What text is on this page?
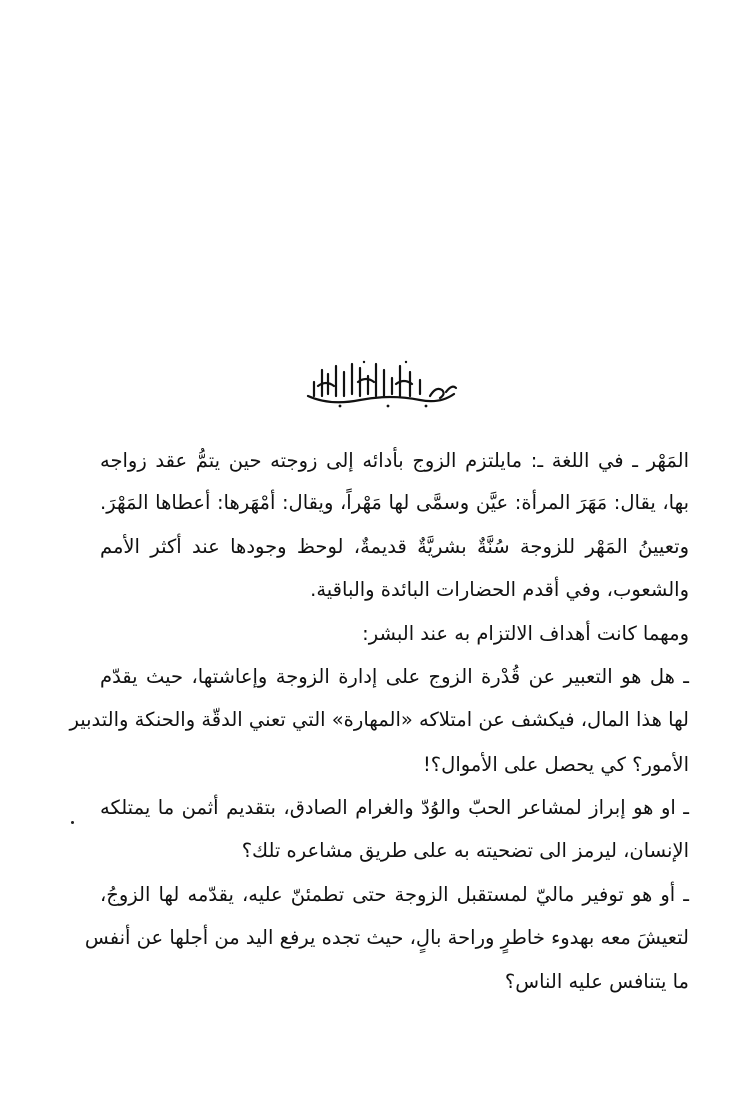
المَهْر ـ في اللغة ـ: مايلتزم الزوج بأدائه إلى زوجته حين يتمُّ عقد زواجه
بها، يقال: مَهَرَ المرأة: عيَّن وسمَّى لها مَهْراً، ويقال: أمْهَرها: أعطاها المَهْرَ.
وتعيينُ المَهْر للزوجة سُنَّةٌ بشريَّةٌ قديمةٌ، لوحظ وجودها عند أكثر الأمم
والشعوب، وفي أقدم الحضارات البائدة والباقية.
ومهما كانت أهداف الالتزام به عند البشر:
ـ هل هو التعبير عن قُدْرة الزوج على إدارة الزوجة وإعاشتها، حيث يقدّم
لها هذا المال، فيكشف عن امتلاكه «المهارة» التي تعني الدقّة والحنكة والتدبير
الأمور؟ كي يحصل على الأموال؟!
ـ او هو إبراز لمشاعر الحبّ والوُدّ والغرام الصادق، بتقديم أثمن ما يمتلكه
الإنسان، ليرمز الى تضحيته به على طريق مشاعره تلك؟
ـ أو هو توفير ماليّ لمستقبل الزوجة حتى تطمئنّ عليه، يقدّمه لها الزوجُ،
لتعيشَ معه بهدوء خاطرٍ وراحة بالٍ، حيث تجده يرفع اليد من أجلها عن أنفس
ما يتنافس عليه الناس؟
